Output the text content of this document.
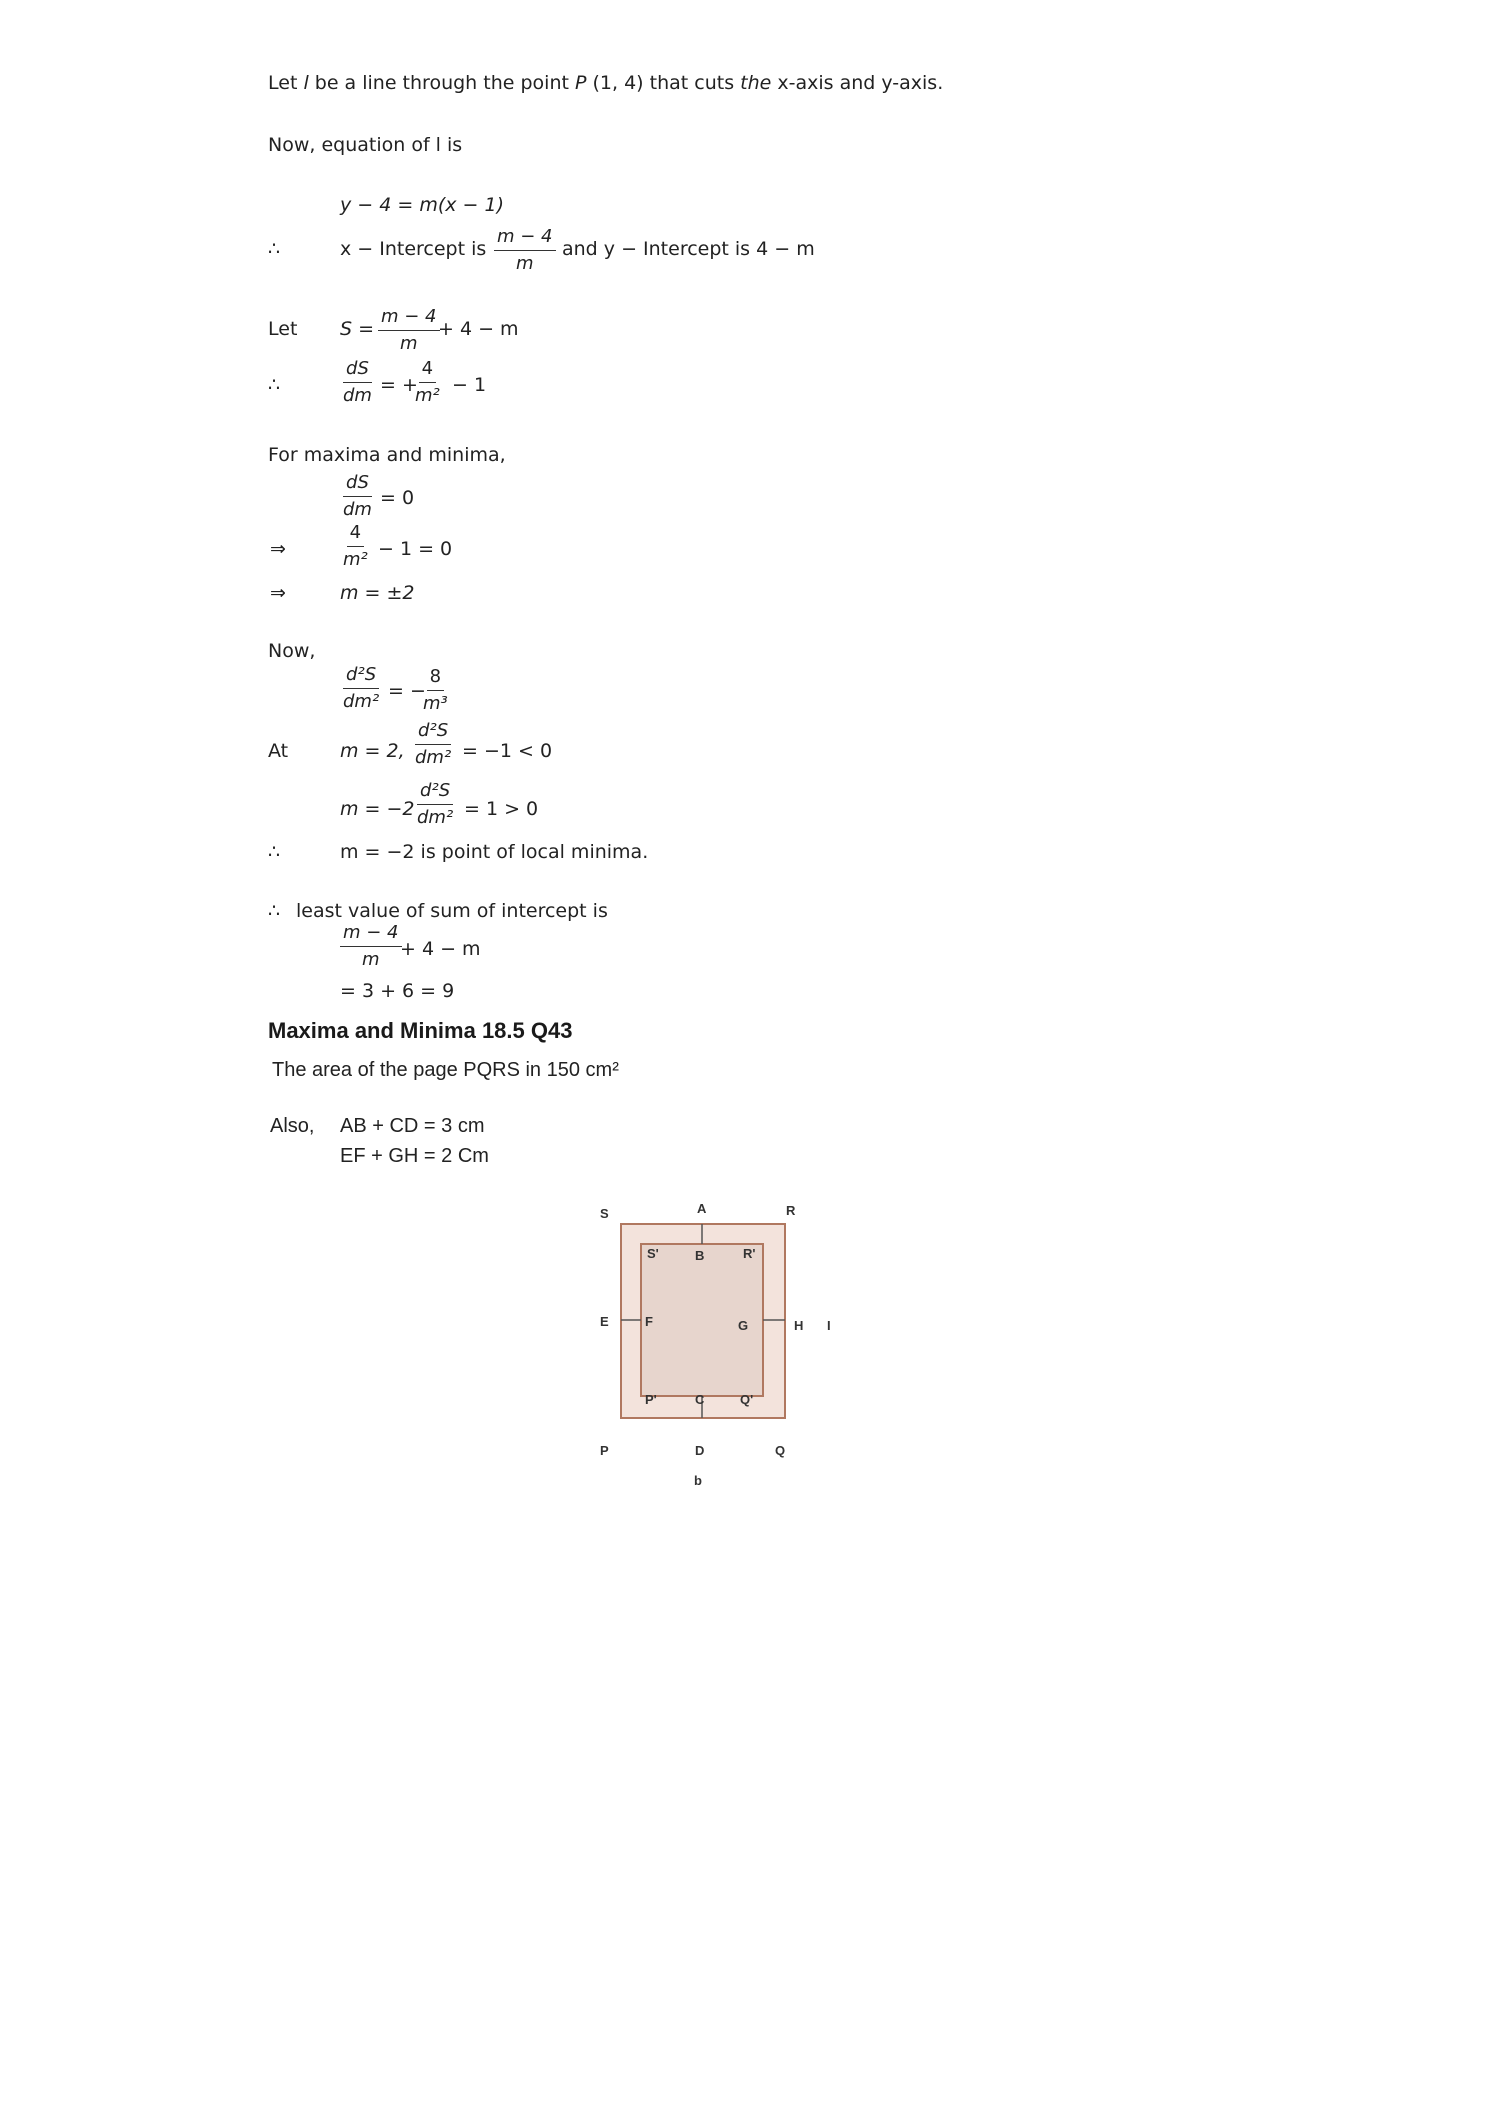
Let l be a line through the point P (1, 4) that cuts the x-axis and y-axis.
Now, equation of l is
y − 4 = m(x − 1)
∴	x − Intercept is $\frac{m - 4}{m}$ and y − Intercept is 4 − m
Let $S = \frac{m - 4}{m}$
+ 4 − m
∴	$\frac{dS}{dm}$ = +
$\frac{4}{\text{m²}} - 1$
For maxima and minima,
$\frac{dS}{dm} = 0$
⇒	$\frac{4}{\text{m²}} - 1 = 0$
⇒	m = ±2
Now,
$\frac{\text{d²S}}{\text{dm²}}$ = −
$\frac{8}{\text{m³}}$
At	m = 2, $\frac{\text{d²S}}{\text{dm²}} = -1 < 0$
$m = -2 \frac{\text{d²S}}{\text{dm²}} = 1 > 0$
∴	m = −2 is point of local minima.
∴ least value of sum of intercept is
$\frac{m - 4}{m}$
+ 4 − m
= 3 + 6 = 9
Maxima and Minima 18.5 Q43
The area of the page PQRS in 150 cm²
Also, AB + CD = 3 cm
EF + GH = 2 Cm
S	A	R
S'	B	R'
E	F	G	H I
P'	C	Q'
P	D	Q
b
